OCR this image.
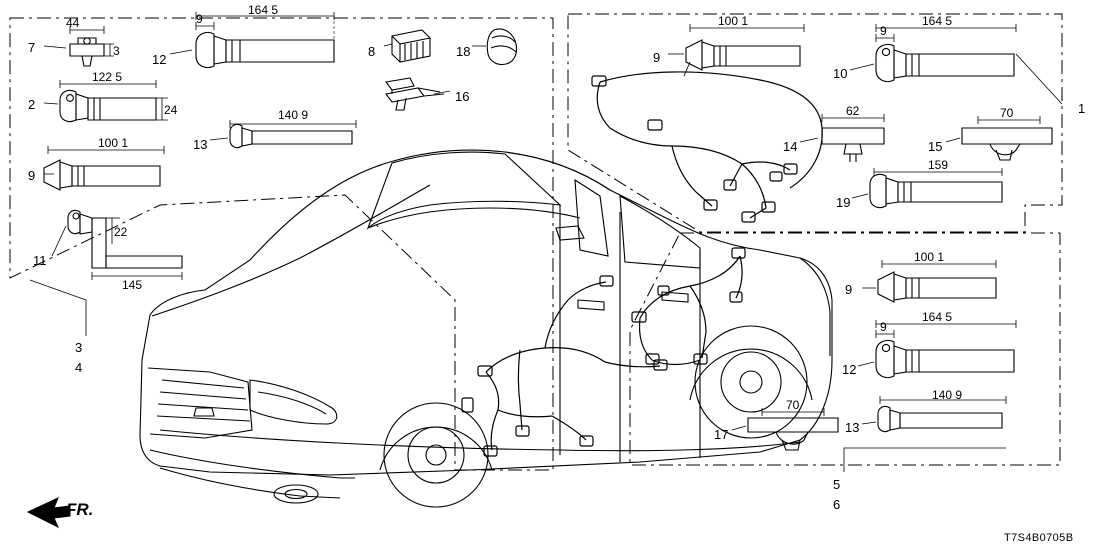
7
12
8	18
2
16
13
9
11
3
4
9
10
1
14	15
19
9
12
17	13
5
6
44
3
9
164 5
122 5
24	140 9
100 1
22
145
100 1
9
164 5
62	70
159
100 1
9
164 5
70
140 9
FR.
T7S4B0705B
